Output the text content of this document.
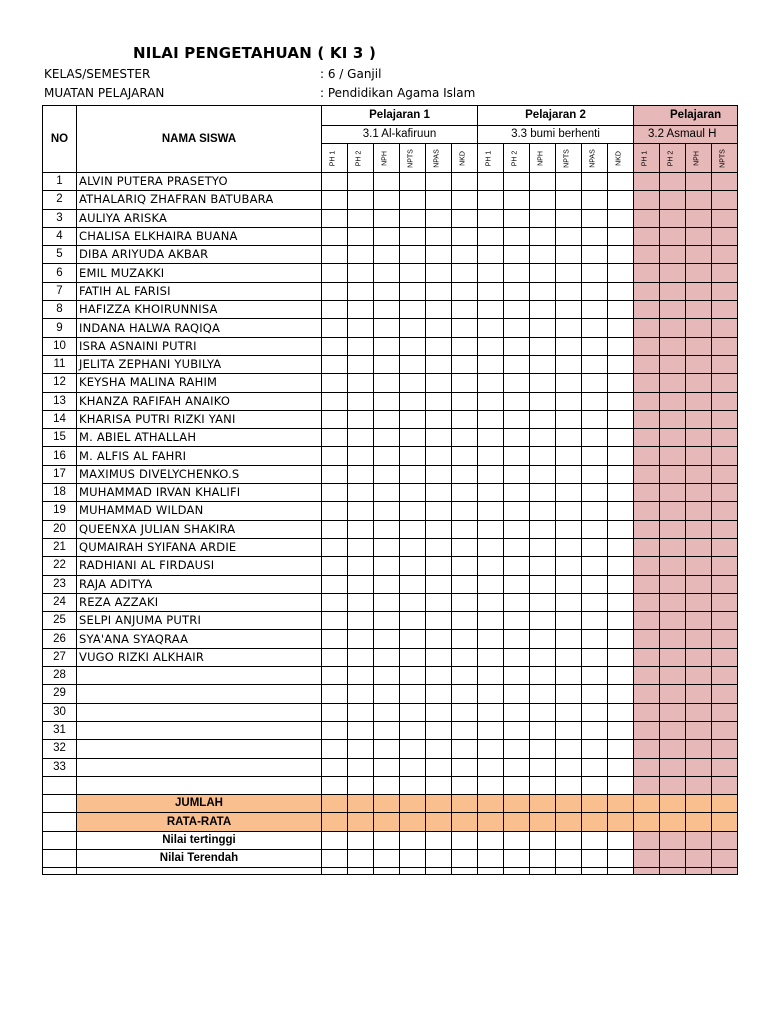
NILAI PENGETAHUAN ( KI 3 )
KELAS/SEMESTER	: 6 / Ganjil
MUATAN PELAJARAN	: Pendidikan Agama Islam
NO	NAMA SISWA	Pelajaran 1						Pelajaran 2						Pelajaran			
		3.1 Al-kafiruun						3.3 bumi berhenti						3.2 Asmaul H			

		PH 1	PH 2	NPH	NPTS	NPAS	NKD	PH 1	PH 2	NPH	NPTS	NPAS	NKD	PH 1	PH 2	NPH	NPTS

1	ALVIN PUTERA PRASETYO																
2	ATHALARIQ ZHAFRAN BATUBARA																
3	AULIYA ARISKA																
4	CHALISA ELKHAIRA BUANA																
5	DIBA ARIYUDA AKBAR																
6	EMIL MUZAKKI																
7	FATIH AL FARISI																
8	HAFIZZA KHOIRUNNISA																
9	INDANA HALWA RAQIQA																
10	ISRA ASNAINI PUTRI																
11	JELITA ZEPHANI YUBILYA																
12	KEYSHA MALINA RAHIM																
13	KHANZA RAFIFAH ANAIKO																
14	KHARISA PUTRI RIZKI YANI																
15	M. ABIEL ATHALLAH																
16	M. ALFIS AL FAHRI																
17	MAXIMUS DIVELYCHENKO.S																
18	MUHAMMAD IRVAN KHALIFI																
19	MUHAMMAD WILDAN																
20	QUEENXA JULIAN SHAKIRA																
21	QUMAIRAH SYIFANA ARDIE																
22	RADHIANI AL FIRDAUSI																
23	RAJA ADITYA																
24	REZA AZZAKI																
25	SELPI ANJUMA PUTRI																
26	SYA'ANA SYAQRAA																
27	VUGO RIZKI ALKHAIR																
28																	
29																	
30																	
31																	
32																	
33																	

	JUMLAH																
	RATA-RATA																
	Nilai tertinggi																
	Nilai Terendah																
